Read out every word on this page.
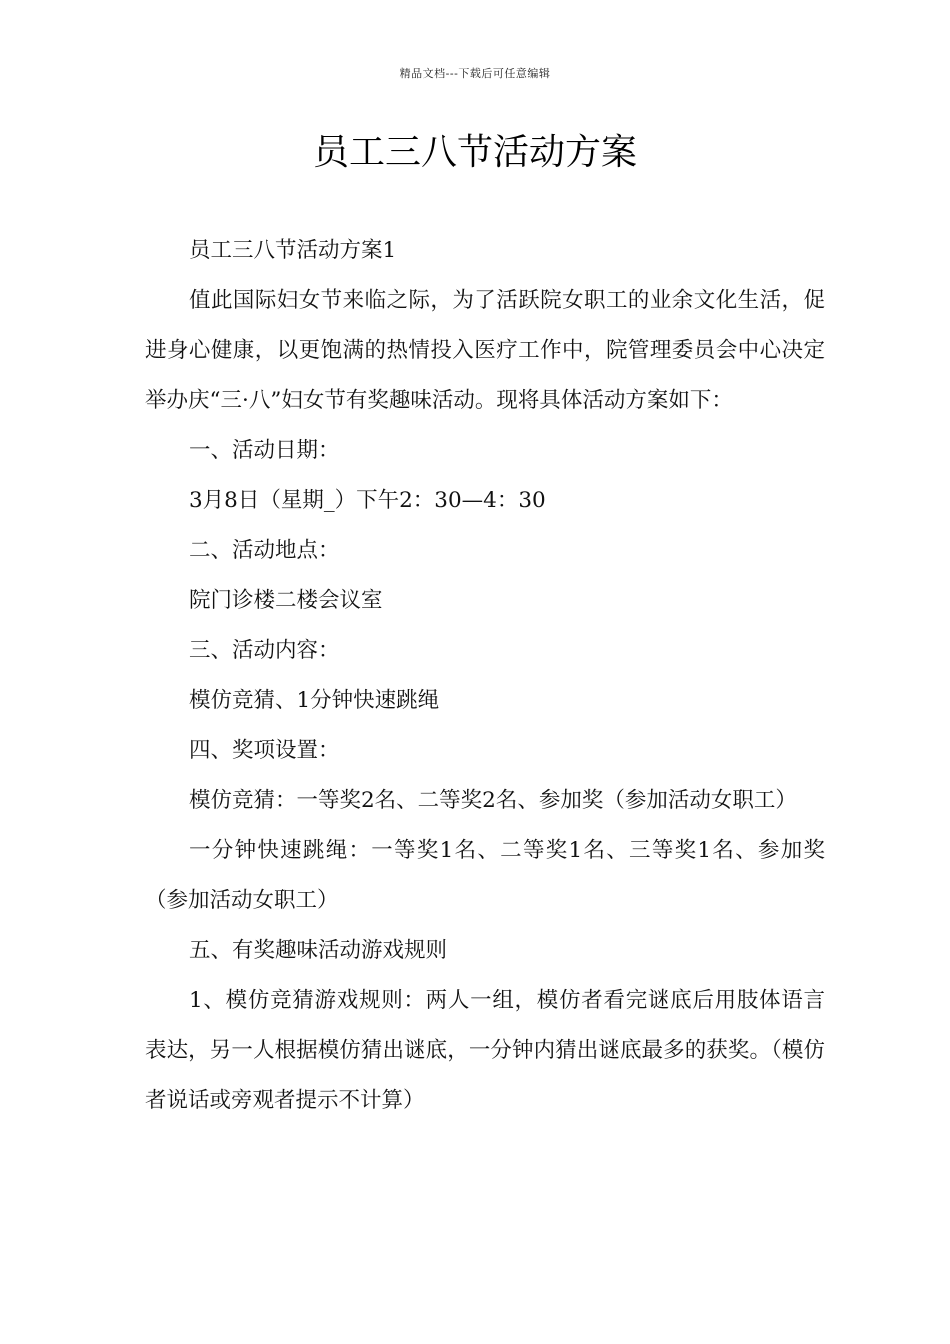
精品文档---下载后可任意编辑
员工三八节活动方案

员工三八节活动方案1

值此国际妇女节来临之际，为了活跃院女职工的业余文化生活，促进身心健康，以更饱满的热情投入医疗工作中，院管理委员会中心决定举办庆“三·八”妇女节有奖趣味活动。现将具体活动方案如下：

一、活动日期：

3月8日（星期_）下午2：30—4：30

二、活动地点：

院门诊楼二楼会议室

三、活动内容：

模仿竞猜、1分钟快速跳绳

四、奖项设置：

模仿竞猜：一等奖2名、二等奖2名、参加奖（参加活动女职工）

一分钟快速跳绳：一等奖1名、二等奖1名、三等奖1名、参加奖（参加活动女职工）

五、有奖趣味活动游戏规则

1、模仿竞猜游戏规则：两人一组，模仿者看完谜底后用肢体语言表达，另一人根据模仿猜出谜底，一分钟内猜出谜底最多的获奖。（模仿者说话或旁观者提示不计算）
